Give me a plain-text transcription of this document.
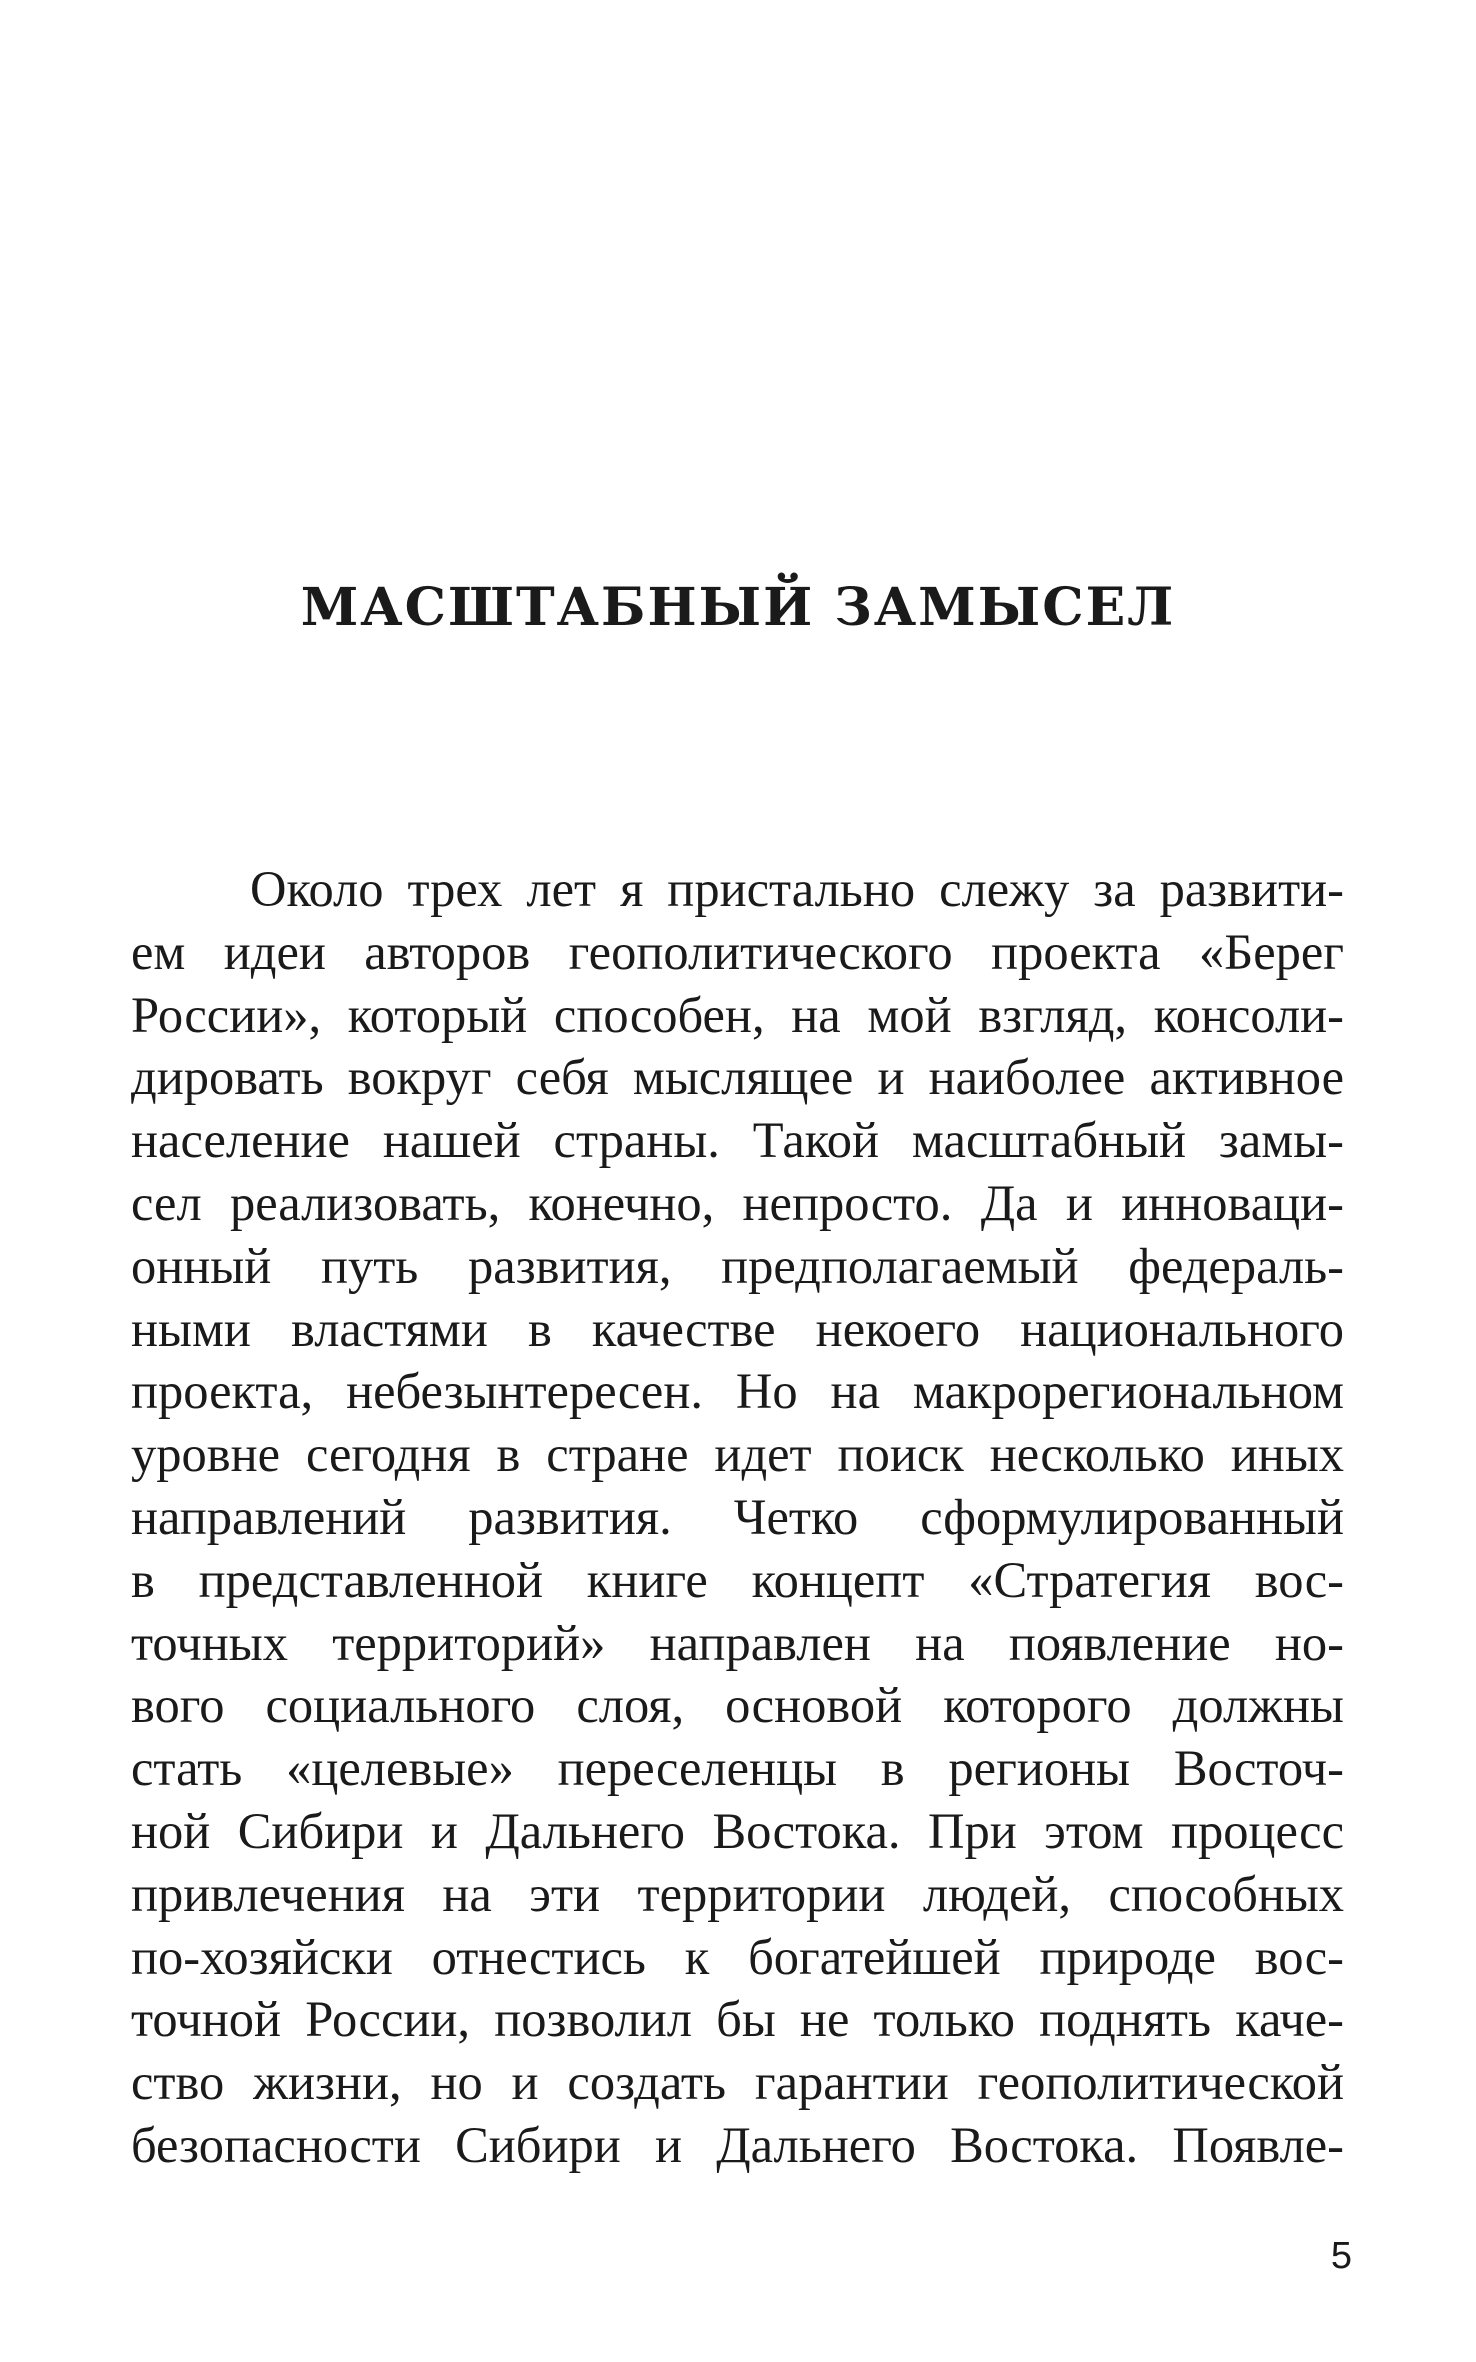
МАСШТАБНЫЙ ЗАМЫСЕЛ
Около трех лет я пристально слежу за развити-
ем идеи авторов геополитического проекта «Берег
России», который способен, на мой взгляд, консоли-
дировать вокруг себя мыслящее и наиболее активное
население нашей страны. Такой масштабный замы-
сел реализовать, конечно, непросто. Да и инноваци-
онный путь развития, предполагаемый федераль-
ными властями в качестве некоего национального
проекта, небезынтересен. Но на макрорегиональном
уровне сегодня в стране идет поиск несколько иных
направлений развития. Четко сформулированный
в представленной книге концепт «Стратегия вос-
точных территорий» направлен на появление но-
вого социального слоя, основой которого должны
стать «целевые» переселенцы в регионы Восточ-
ной Сибири и Дальнего Востока. При этом процесс
привлечения на эти территории людей, способных
по-хозяйски отнестись к богатейшей природе вос-
точной России, позволил бы не только поднять каче-
ство жизни, но и создать гарантии геополитической
безопасности Сибири и Дальнего Востока. Появле-
5
